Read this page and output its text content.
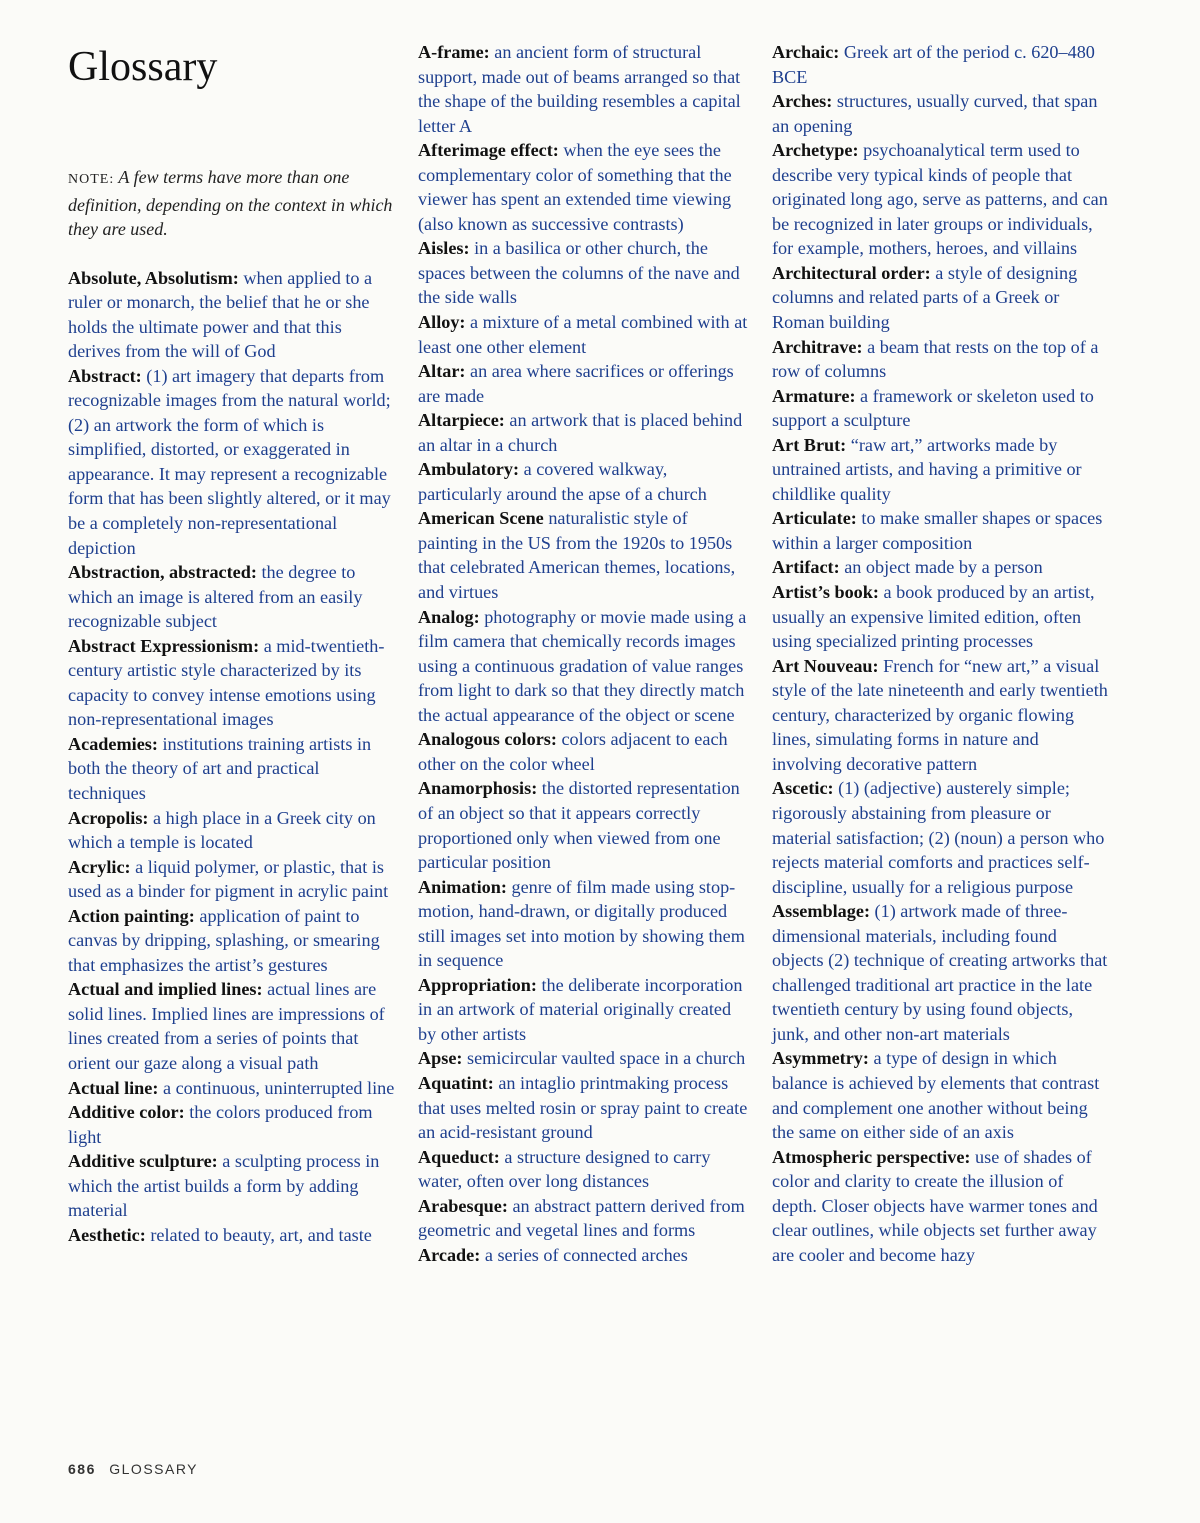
Glossary
NOTE: A few terms have more than one definition, depending on the context in which they are used.

Absolute, Absolutism: when applied to a ruler or monarch, the belief that he or she holds the ultimate power and that this derives from the will of God

Abstract: (1) art imagery that departs from recognizable images from the natural world; (2) an artwork the form of which is simplified, distorted, or exaggerated in appearance. It may represent a recognizable form that has been slightly altered, or it may be a completely non-representational depiction

Abstraction, abstracted: the degree to which an image is altered from an easily recognizable subject

Abstract Expressionism: a mid-twentieth-century artistic style characterized by its capacity to convey intense emotions using non-representational images

Academies: institutions training artists in both the theory of art and practical techniques

Acropolis: a high place in a Greek city on which a temple is located

Acrylic: a liquid polymer, or plastic, that is used as a binder for pigment in acrylic paint

Action painting: application of paint to canvas by dripping, splashing, or smearing that emphasizes the artist’s gestures

Actual and implied lines: actual lines are solid lines. Implied lines are impressions of lines created from a series of points that orient our gaze along a visual path

Actual line: a continuous, uninterrupted line

Additive color: the colors produced from light

Additive sculpture: a sculpting process in which the artist builds a form by adding material

Aesthetic: related to beauty, art, and taste

A-frame: an ancient form of structural support, made out of beams arranged so that the shape of the building resembles a capital letter A

Afterimage effect: when the eye sees the complementary color of something that the viewer has spent an extended time viewing (also known as successive contrasts)

Aisles: in a basilica or other church, the spaces between the columns of the nave and the side walls

Alloy: a mixture of a metal combined with at least one other element

Altar: an area where sacrifices or offerings are made

Altarpiece: an artwork that is placed behind an altar in a church

Ambulatory: a covered walkway, particularly around the apse of a church

American Scene naturalistic style of painting in the US from the 1920s to 1950s that celebrated American themes, locations, and virtues

Analog: photography or movie made using a film camera that chemically records images using a continuous gradation of value ranges from light to dark so that they directly match the actual appearance of the object or scene

Analogous colors: colors adjacent to each other on the color wheel

Anamorphosis: the distorted representation of an object so that it appears correctly proportioned only when viewed from one particular position

Animation: genre of film made using stop-motion, hand-drawn, or digitally produced still images set into motion by showing them in sequence

Appropriation: the deliberate incorporation in an artwork of material originally created by other artists

Apse: semicircular vaulted space in a church

Aquatint: an intaglio printmaking process that uses melted rosin or spray paint to create an acid-resistant ground

Aqueduct: a structure designed to carry water, often over long distances

Arabesque: an abstract pattern derived from geometric and vegetal lines and forms

Arcade: a series of connected arches

Archaic: Greek art of the period c. 620–480 BCE

Arches: structures, usually curved, that span an opening

Archetype: psychoanalytical term used to describe very typical kinds of people that originated long ago, serve as patterns, and can be recognized in later groups or individuals, for example, mothers, heroes, and villains

Architectural order: a style of designing columns and related parts of a Greek or Roman building

Architrave: a beam that rests on the top of a row of columns

Armature: a framework or skeleton used to support a sculpture

Art Brut: “raw art,” artworks made by untrained artists, and having a primitive or childlike quality

Articulate: to make smaller shapes or spaces within a larger composition

Artifact: an object made by a person

Artist’s book: a book produced by an artist, usually an expensive limited edition, often using specialized printing processes

Art Nouveau: French for “new art,” a visual style of the late nineteenth and early twentieth century, characterized by organic flowing lines, simulating forms in nature and involving decorative pattern

Ascetic: (1) (adjective) austerely simple; rigorously abstaining from pleasure or material satisfaction; (2) (noun) a person who rejects material comforts and practices self-discipline, usually for a religious purpose

Assemblage: (1) artwork made of three-dimensional materials, including found objects (2) technique of creating artworks that challenged traditional art practice in the late twentieth century by using found objects, junk, and other non-art materials

Asymmetry: a type of design in which balance is achieved by elements that contrast and complement one another without being the same on either side of an axis

Atmospheric perspective: use of shades of color and clarity to create the illusion of depth. Closer objects have warmer tones and clear outlines, while objects set further away are cooler and become hazy

686 GLOSSARY
